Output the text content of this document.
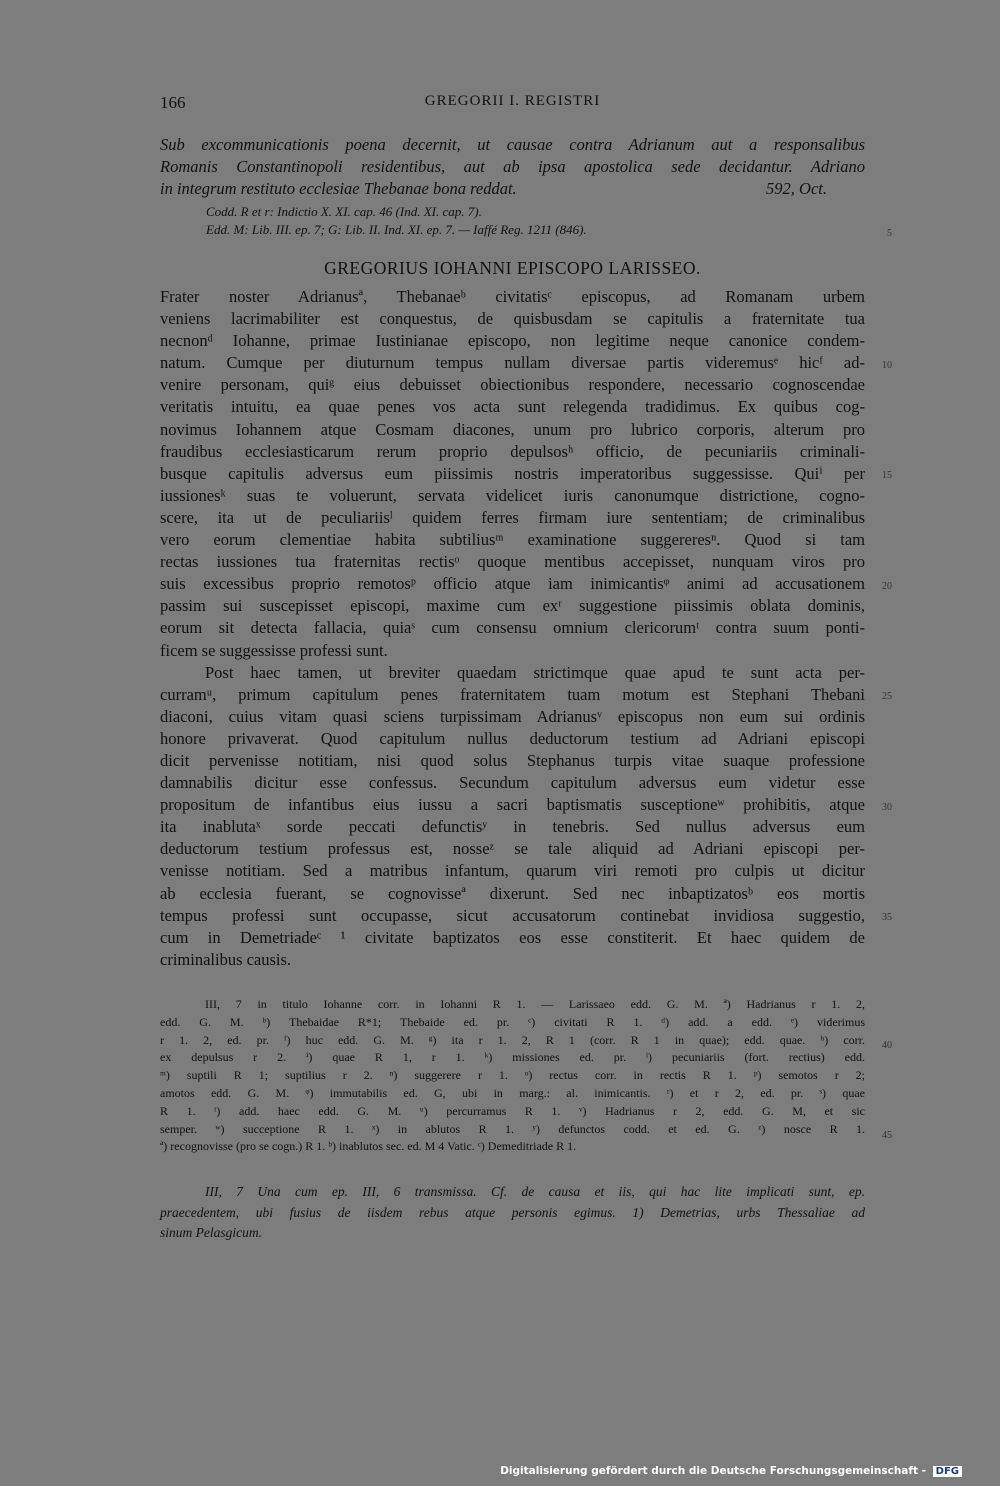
166	GREGORII I. REGISTRI
Sub excommunicationis poena decernit, ut causae contra Adrianum aut a responsalibus
Romanis Constantinopoli residentibus, aut ab ipsa apostolica sede decidantur. Adriano
in integrum restituto ecclesiae Thebanae bona reddat.	592, Oct.
Codd. R et r: Indictio X. XI. cap. 46 (Ind. XI. cap. 7).
Edd. M: Lib. III. ep. 7; G: Lib. II. Ind. XI. ep. 7. — Iaffé Reg. 1211 (846).
GREGORIUS IOHANNI EPISCOPO LARISSEO.
Frater noster Adrianusª, Thebanaeᵇ civitatisᶜ episcopus, ad Romanam urbem
veniens lacrimabiliter est conquestus, de quisbusdam se capitulis a fraternitate tua
necnonᵈ Iohanne, primae Iustinianae episcopo, non legitime neque canonice condem-
natum. Cumque per diuturnum tempus nullam diversae partis videremusᵉ hicᶠ ad-
venire personam, quiᵍ eius debuisset obiectionibus respondere, necessario cognoscendae
veritatis intuitu, ea quae penes vos acta sunt relegenda tradidimus. Ex quibus cog-
novimus Iohannem atque Cosmam diacones, unum pro lubrico corporis, alterum pro
fraudibus ecclesiasticarum rerum proprio depulsosʰ officio, de pecuniariis criminali-
busque capitulis adversus eum piissimis nostris imperatoribus suggessisse. Quiⁱ per
iussionesᵏ suas te voluerunt, servata videlicet iuris canonumque districtione, cogno-
scere, ita ut de peculiariisˡ quidem ferres firmam iure sententiam; de criminalibus
vero eorum clementiae habita subtiliusᵐ examinatione suggereresⁿ. Quod si tam
rectas iussiones tua fraternitas rectisᵒ quoque mentibus accepisset, nunquam viros pro
suis excessibus proprio remotosᵖ officio atque iam inimicantisᵠ animi ad accusationem
passim sui suscepisset episcopi, maxime cum exʳ suggestione piissimis oblata dominis,
eorum sit detecta fallacia, quiaˢ cum consensu omnium clericorumᵗ contra suum ponti-
ficem se suggessisse professi sunt.
Post haec tamen, ut breviter quaedam strictimque quae apud te sunt acta per-
curramᵘ, primum capitulum penes fraternitatem tuam motum est Stephani Thebani
diaconi, cuius vitam quasi sciens turpissimam Adrianusᵛ episcopus non eum sui ordinis
honore privaverat. Quod capitulum nullus deductorum testium ad Adriani episcopi
dicit pervenisse notitiam, nisi quod solus Stephanus turpis vitae suaque professione
damnabilis dicitur esse confessus. Secundum capitulum adversus eum videtur esse
propositum de infantibus eius iussu a sacri baptismatis susceptioneʷ prohibitis, atque
ita inablutaˣ sorde peccati defunctisʸ in tenebris. Sed nullus adversus eum
deductorum testium professus est, nosseᶻ se tale aliquid ad Adriani episcopi per-
venisse notitiam. Sed a matribus infantum, quarum viri remoti pro culpis ut dicitur
ab ecclesia fuerant, se cognovisseª dixerunt. Sed nec inbaptizatosᵇ eos mortis
tempus professi sunt occupasse, sicut accusatorum continebat invidiosa suggestio,
cum in Demetriadeᶜ ¹ civitate baptizatos eos esse constiterit. Et haec quidem de
criminalibus causis.
5
10
15
20
25
30
35
40
45
III, 7 in titulo Iohanne corr. in Iohanni R 1. — Larissaeo edd. G. M. ª) Hadrianus r 1. 2,
edd. G. M. ᵇ) Thebaidae R*1; Thebaide ed. pr. ᶜ) civitati R 1. ᵈ) add. a edd. ᵉ) viderimus
r 1. 2, ed. pr. ᶠ) huc edd. G. M. ᵍ) ita r 1. 2, R 1 (corr. R 1 in quae); edd. quae. ʰ) corr.
ex depulsus r 2. ⁱ) quae R 1, r 1. ᵏ) missiones ed. pr. ˡ) pecuniariis (fort. rectius) edd.
ᵐ) suptili R 1; suptilius r 2. ⁿ) suggerere r 1. ᵒ) rectus corr. in rectis R 1. ᵖ) semotos r 2;
amotos edd. G. M. ᵠ) immutabilis ed. G, ubi in marg.: al. inimicantis. ʳ) et r 2, ed. pr. ˢ) quae
R 1. ᵗ) add. haec edd. G. M. ᵘ) percurramus R 1. ᵛ) Hadrianus r 2, edd. G. M, et sic
semper. ʷ) succeptione R 1. ˣ) in ablutos R 1. ʸ) defunctos codd. et ed. G. ᶻ) nosce R 1.
ª) recognovisse (pro se cogn.) R 1. ᵇ) inablutos sec. ed. M 4 Vatic. ᶜ) Demeditriade R 1.
III, 7 Una cum ep. III, 6 transmissa. Cf. de causa et iis, qui hac lite implicati sunt, ep.
praecedentem, ubi fusius de iisdem rebus atque personis egimus. 1) Demetrias, urbs Thessaliae ad
sinum Pelasgicum.
Digitalisierung gefördert durch die Deutsche Forschungsgemeinschaft - DFG
